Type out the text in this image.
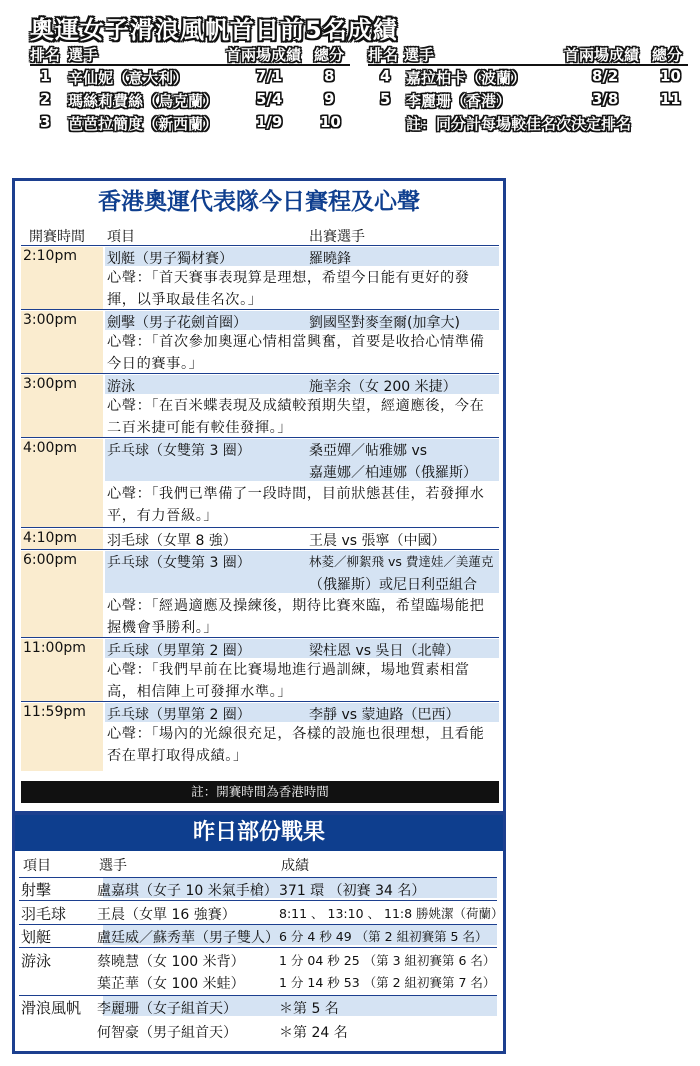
奧運女子滑浪風帆首日前5名成績
排名 選手	首兩場成績 總分 排名 選手	首兩場成績 總分
1 辛仙妮（意大利）	7/1	8
2 瑪絲莉費絲（烏克蘭）	5/4	9
3 芭芭拉簡度（新西蘭）	1/9	10
4 嘉拉柏卡（波蘭）	8/2	10
5 李麗珊（香港）	3/8	11
註：同分計每場較佳名次決定排名
香港奧運代表隊今日賽程及心聲
開賽時間 項目	出賽選手
2:10pm 划艇（男子獨材賽）	羅曉鋒
心聲：「首天賽事表現算是理想，希望今日能有更好的發揮，以爭取最佳名次。」
3:00pm 劍擊（男子花劍首圈）	劉國堅對麥奎爾(加拿大)
心聲：「首次參加奧運心情相當興奮，首要是收拾心情準備今日的賽事。」
3:00pm 游泳	施幸余（女 200 米捷）
心聲：「在百米蝶表現及成績較預期失望，經適應後，今在二百米捷可能有較佳發揮。」
4:00pm 乒乓球（女雙第 3 圈）	桑亞嬋／帖雅娜 vs
嘉蓮娜／柏連娜（俄羅斯）
心聲：「我們已準備了一段時間，目前狀態甚佳，若發揮水平，有力晉級。」
4:10pm 羽毛球（女單 8 強）	王晨 vs 張寧（中國）
6:00pm 乒乓球（女雙第 3 圈）	林菱／柳絮飛 vs 費達娃／美蓮克
（俄羅斯）或尼日利亞組合
心聲：「經過適應及操練後，期待比賽來臨，希望臨場能把握機會爭勝利。」
11:00pm 乒乓球（男單第 2 圈）	梁柱恩 vs 吳日（北韓）
心聲：「我們早前在比賽場地進行過訓練，場地質素相當高，相信陣上可發揮水準。」
11:59pm 乒乓球（男單第 2 圈）	李靜 vs 蒙迪路（巴西）
心聲：「場內的光線很充足，各樣的設施也很理想，且看能否在單打取得成績。」
註：開賽時間為香港時間
昨日部份戰果
項目	選手	成績
射擊	盧嘉琪（女子 10 米氣手槍） 371 環 （初賽 34 名）
羽毛球 王晨（女單 16 強賽）	8:11 、 13:10 、 11:8 勝姚潔（荷蘭）
划艇	盧廷威／蘇秀華（男子雙人） 6 分 4 秒 49 （第 2 組初賽第 5 名）
游泳	蔡曉慧（女 100 米背）	1 分 04 秒 25 （第 3 組初賽第 6 名）
葉芷華（女 100 米蛙）	1 分 14 秒 53 （第 2 組初賽第 7 名）
滑浪風帆 李麗珊（女子組首天）	＊第 5 名
何智豪（男子組首天）	＊第 24 名
